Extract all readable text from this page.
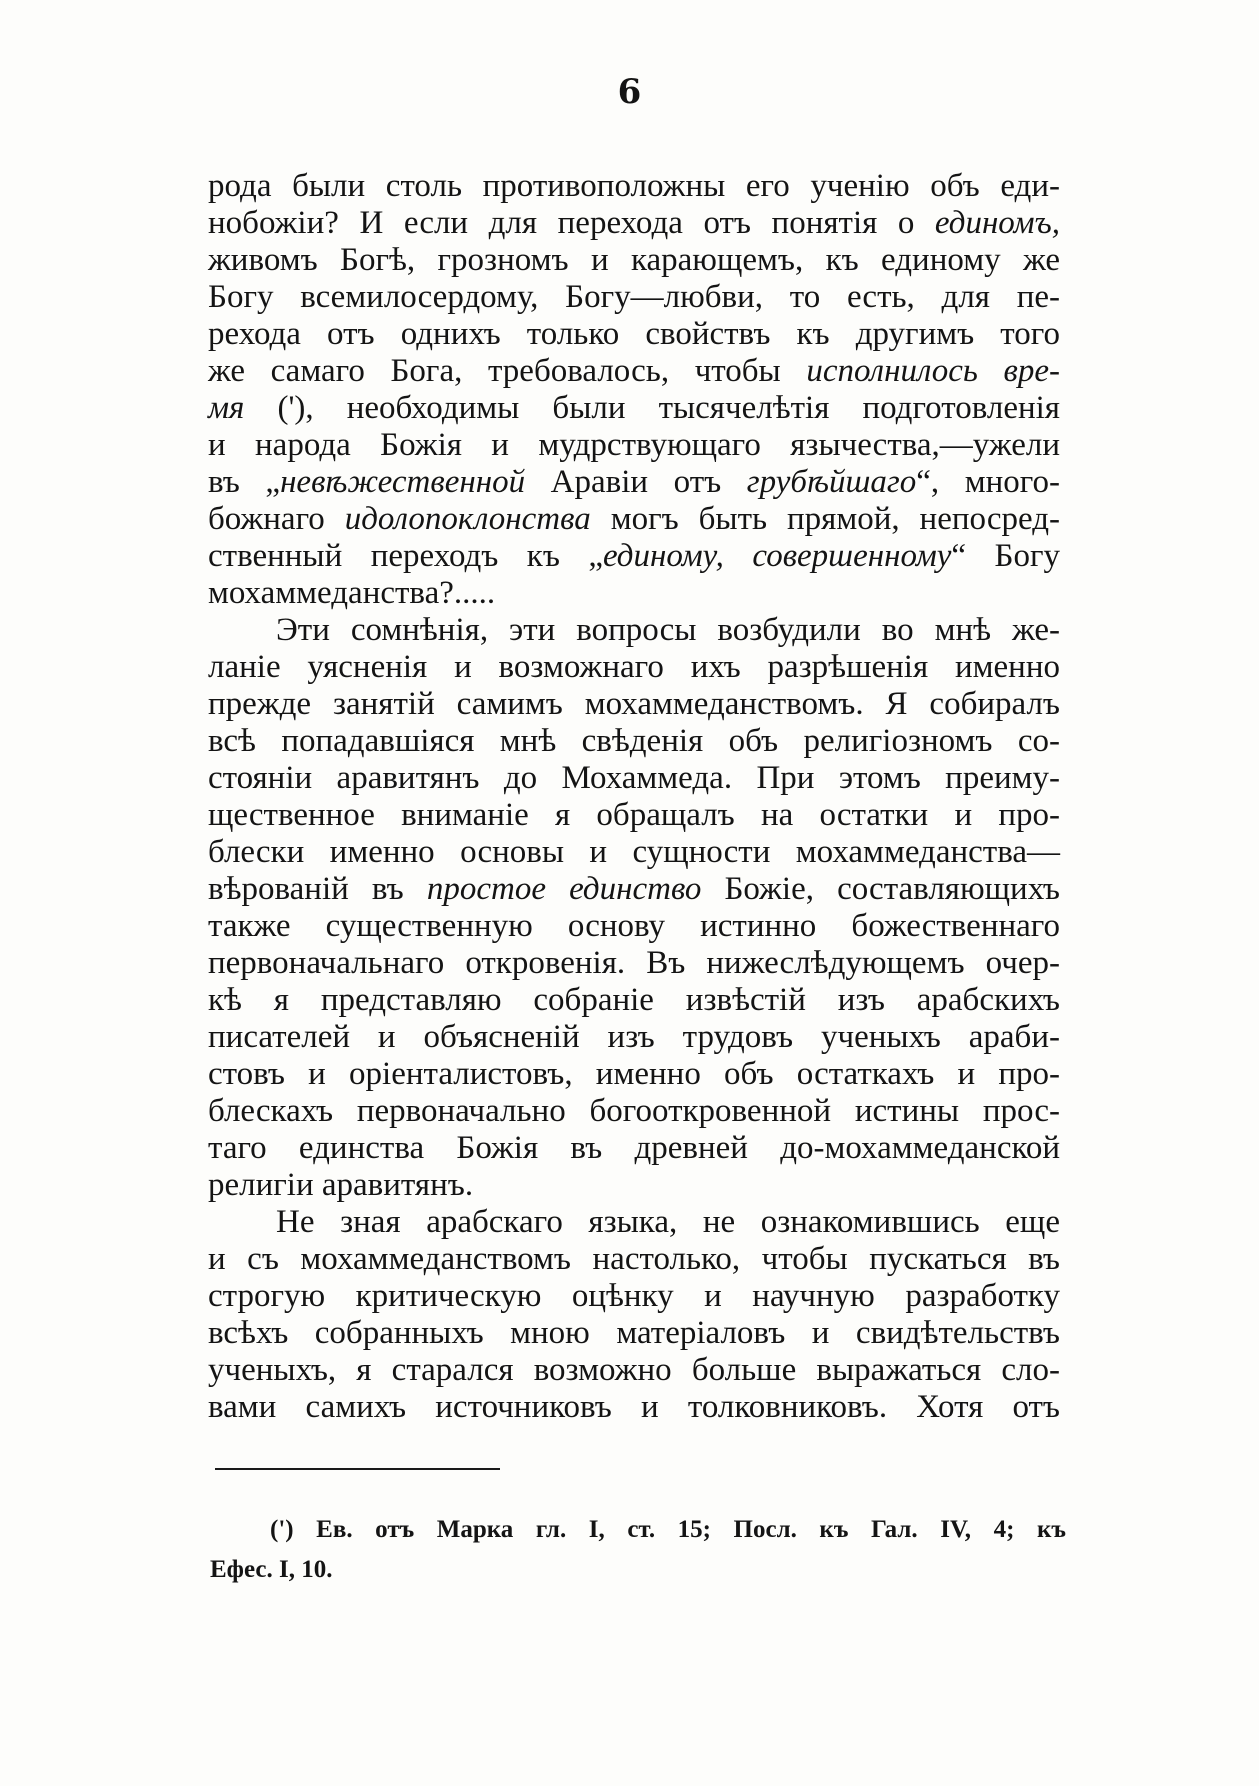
6
рода были столь противоположны его ученію объ еди-
нобожіи? И если для перехода отъ понятія о единомъ,
живомъ Богѣ, грозномъ и карающемъ, къ единому же
Богу всемилосердому, Богу—любви, то есть, для пе-
рехода отъ однихъ только свойствъ къ другимъ того
же самаго Бога, требовалось, чтобы исполнилось вре-
мя ('), необходимы были тысячелѣтія подготовленія
и народа Божія и мудрствующаго язычества,—ужели
въ „невѣжественной Аравіи отъ грубѣйшаго“, много-
божнаго идолопоклонства могъ быть прямой, непосред-
ственный переходъ къ „единому, совершенному“ Богу
мохаммеданства?.....
Эти сомнѣнія, эти вопросы возбудили во мнѣ же-
ланіе уясненія и возможнаго ихъ разрѣшенія именно
прежде занятій самимъ мохаммеданствомъ. Я собиралъ
всѣ попадавшіяся мнѣ свѣденія объ религіозномъ со-
стояніи аравитянъ до Мохаммеда. При этомъ преиму-
щественное вниманіе я обращалъ на остатки и про-
блески именно основы и сущности мохаммеданства—
вѣрованій въ простое единство Божіе, составляющихъ
также существенную основу истинно божественнаго
первоначальнаго откровенія. Въ нижеслѣдующемъ очер-
кѣ я представляю собраніе извѣстій изъ арабскихъ
писателей и объясненій изъ трудовъ ученыхъ араби-
стовъ и оріенталистовъ, именно объ остаткахъ и про-
блескахъ первоначально богооткровенной истины прос-
таго единства Божія въ древней до-мохаммеданской
религіи аравитянъ.
Не зная арабскаго языка, не ознакомившись еще
и съ мохаммеданствомъ настолько, чтобы пускаться въ
строгую критическую оцѣнку и научную разработку
всѣхъ собранныхъ мною матеріаловъ и свидѣтельствъ
ученыхъ, я старался возможно больше выражаться сло-
вами самихъ источниковъ и толковниковъ. Хотя отъ
(') Ев. отъ Марка гл. I, ст. 15; Посл. къ Гал. IV, 4; къ
Ефес. I, 10.
